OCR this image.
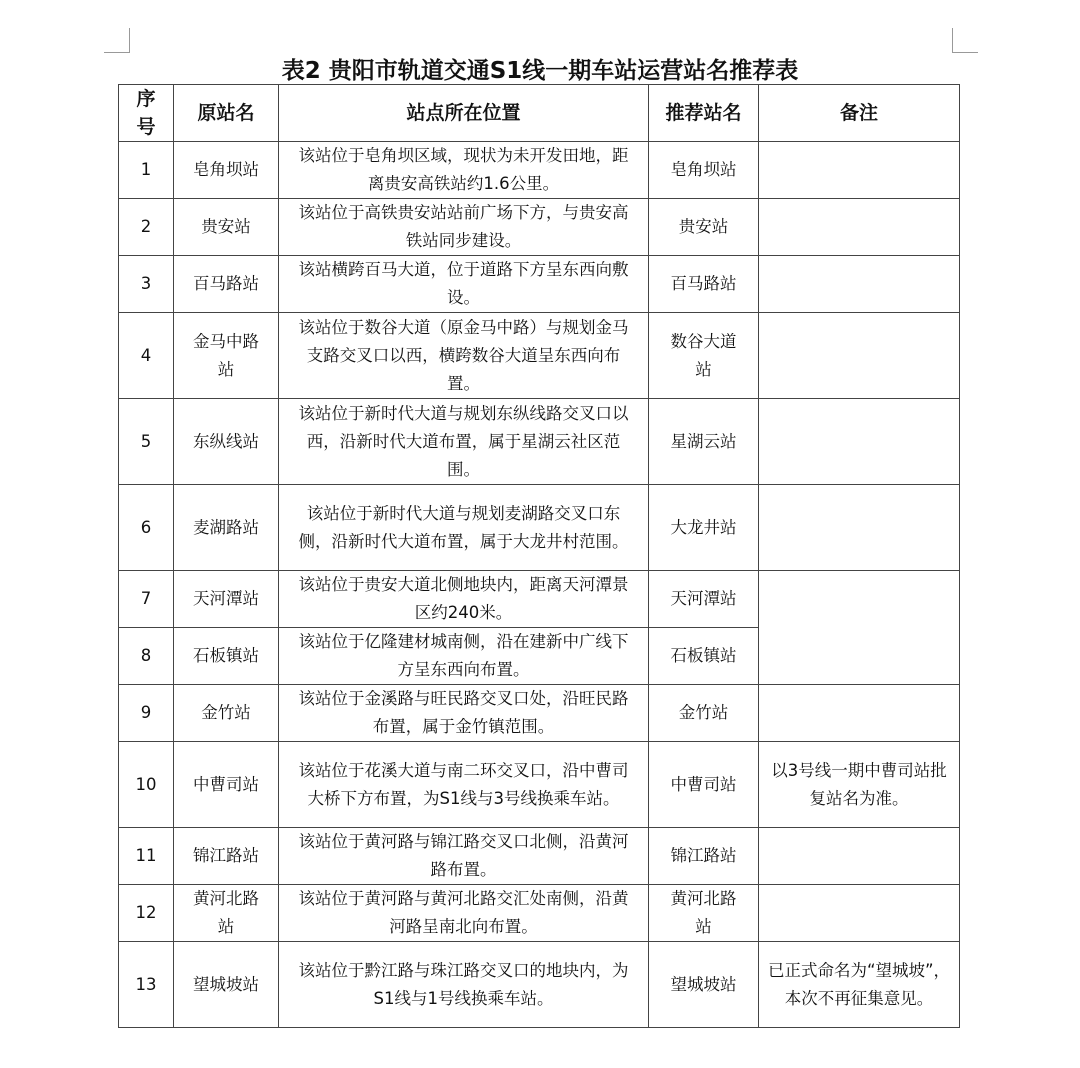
表2 贵阳市轨道交通S1线一期车站运营站名推荐表
序号	原站名	站点所在位置	推荐站名	备注
1	皂角坝站	该站位于皂角坝区域，现状为未开发田地，距离贵安高铁站约1.6公里。	皂角坝站	
2	贵安站	该站位于高铁贵安站站前广场下方，与贵安高铁站同步建设。	贵安站	
3	百马路站	该站横跨百马大道，位于道路下方呈东西向敷设。	百马路站	
4	金马中路站	该站位于数谷大道（原金马中路）与规划金马支路交叉口以西，横跨数谷大道呈东西向布置。	数谷大道站	
5	东纵线站	该站位于新时代大道与规划东纵线路交叉口以西，沿新时代大道布置，属于星湖云社区范围。	星湖云站	
6	麦湖路站	该站位于新时代大道与规划麦湖路交叉口东侧，沿新时代大道布置，属于大龙井村范围。	大龙井站	
7	天河潭站	该站位于贵安大道北侧地块内，距离天河潭景区约240米。	天河潭站	
8	石板镇站	该站位于亿隆建材城南侧，沿在建新中广线下方呈东西向布置。	石板镇站	
9	金竹站	该站位于金溪路与旺民路交叉口处，沿旺民路布置，属于金竹镇范围。	金竹站	
10	中曹司站	该站位于花溪大道与南二环交叉口，沿中曹司大桥下方布置，为S1线与3号线换乘车站。	中曹司站	以3号线一期中曹司站批复站名为准。
11	锦江路站	该站位于黄河路与锦江路交叉口北侧，沿黄河路布置。	锦江路站	
12	黄河北路站	该站位于黄河路与黄河北路交汇处南侧，沿黄河路呈南北向布置。	黄河北路站	
13	望城坡站	该站位于黔江路与珠江路交叉口的地块内，为S1线与1号线换乘车站。	望城坡站	已正式命名为“望城坡”，本次不再征集意见。
